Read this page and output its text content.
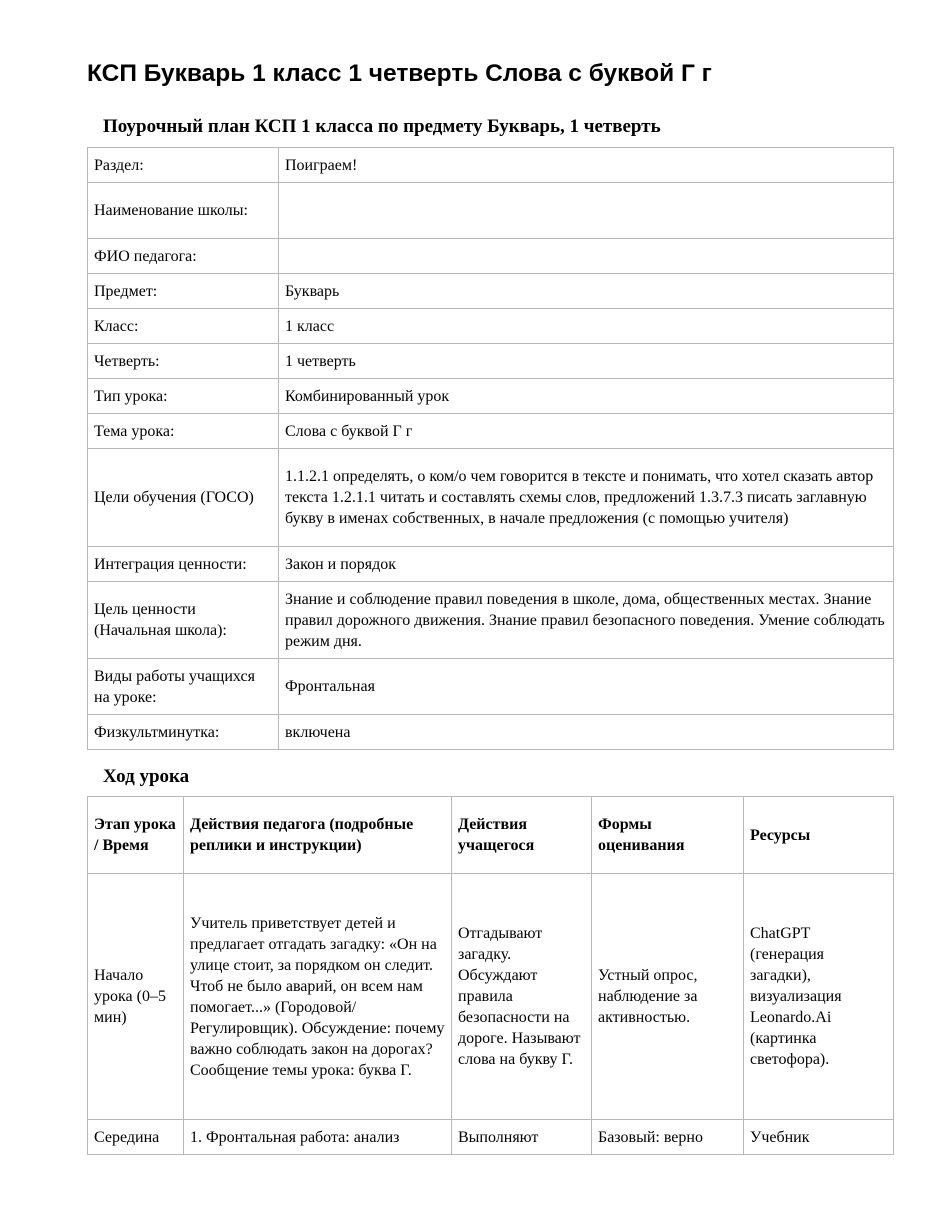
КСП Букварь 1 класс 1 четверть Слова с буквой Г г
Поурочный план КСП 1 класса по предмету Букварь, 1 четверть
Раздел:	Поиграем!
Наименование школы:	
ФИО педагога:	
Предмет:	Букварь
Класс:	1 класс
Четверть:	1 четверть
Тип урока:	Комбинированный урок
Тема урока:	Слова с буквой Г г
Цели обучения (ГОСО)	1.1.2.1 определять, о ком/о чем говорится в тексте и понимать, что хотел сказать автор текста 1.2.1.1 читать и составлять схемы слов, предложений 1.3.7.3 писать заглавную букву в именах собственных, в начале предложения (с помощью учителя)
Интеграция ценности:	Закон и порядок
Цель ценности (Начальная школа):	Знание и соблюдение правил поведения в школе, дома, общественных местах. Знание правил дорожного движения. Знание правил безопасного поведения. Умение соблюдать режим дня.
Виды работы учащихся на уроке:	Фронтальная
Физкультминутка:	включена
Ход урока
Этап урока / Время	Действия педагога (подробные реплики и инструкции)	Действия учащегося	Формы оценивания	Ресурсы
Начало урока (0–5 мин)	Учитель приветствует детей и предлагает отгадать загадку: «Он на улице стоит, за порядком он следит. Чтоб не было аварий, он всем нам помогает...» (Городовой/Регулировщик). Обсуждение: почему важно соблюдать закон на дорогах? Сообщение темы урока: буква Г.	Отгадывают загадку. Обсуждают правила безопасности на дороге. Называют слова на букву Г.	Устный опрос, наблюдение за активностью.	ChatGPT (генерация загадки), визуализация Leonardo.Ai (картинка светофора).
Середина	1. Фронтальная работа: анализ	Выполняют	Базовый: верно	Учебник
